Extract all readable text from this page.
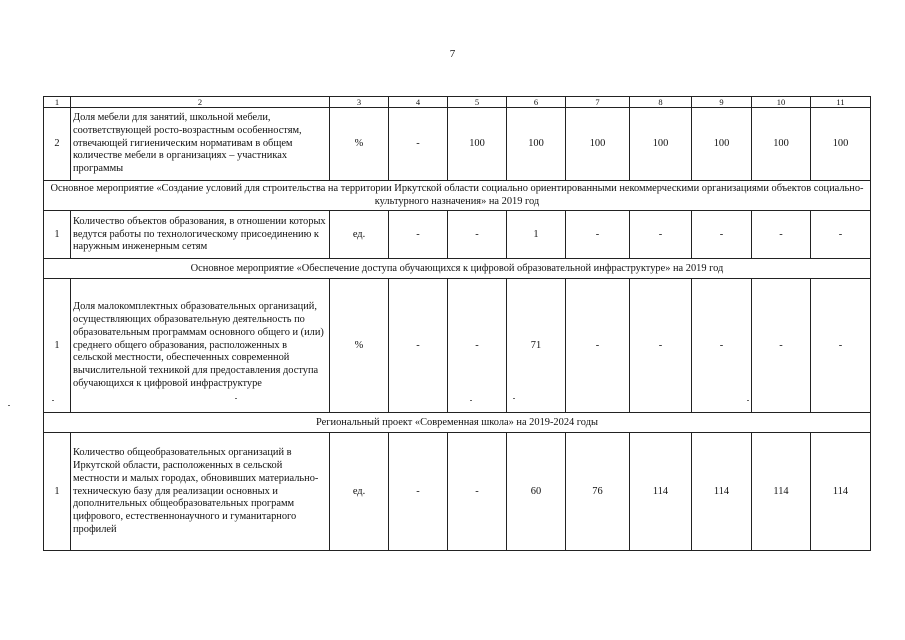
7
1	2	3	4	5	6	7	8	9	10	11
2	Доля мебели для занятий, школьной мебели, соответствующей росто-возрастным особенностям, отвечающей гигиеническим нормативам в общем количестве мебели в организациях – участниках программы	%	-	100	100	100	100	100	100	100
Основное мероприятие «Создание условий для строительства на территории Иркутской области социально ориентированными некоммерческими организациями объектов социально-культурного назначения» на 2019 год										
1	Количество объектов образования, в отношении которых ведутся работы по технологическому присоединению к наружным инженерным сетям	ед.	-	-	1	-	-	-	-	-
Основное мероприятие «Обеспечение доступа обучающихся к цифровой образовательной инфраструктуре» на 2019 год										
1	Доля малокомплектных образовательных организаций, осуществляющих образовательную деятельность по образовательным программам основного общего и (или) среднего общего образования, расположенных в сельской местности, обеспеченных современной вычислительной техникой для предоставления доступа обучающихся к цифровой инфраструктуре	%	-	-	71	-	-	-	-	-
Региональный проект «Современная школа» на 2019-2024 годы										
1	Количество общеобразовательных организаций в Иркутской области, расположенных в сельской местности и малых городах, обновивших материально-техническую базу для реализации основных и дополнительных общеобразовательных программ цифрового, естественнонаучного и гуманитарного профилей	ед.	-	-	60	76	114	114	114	114
